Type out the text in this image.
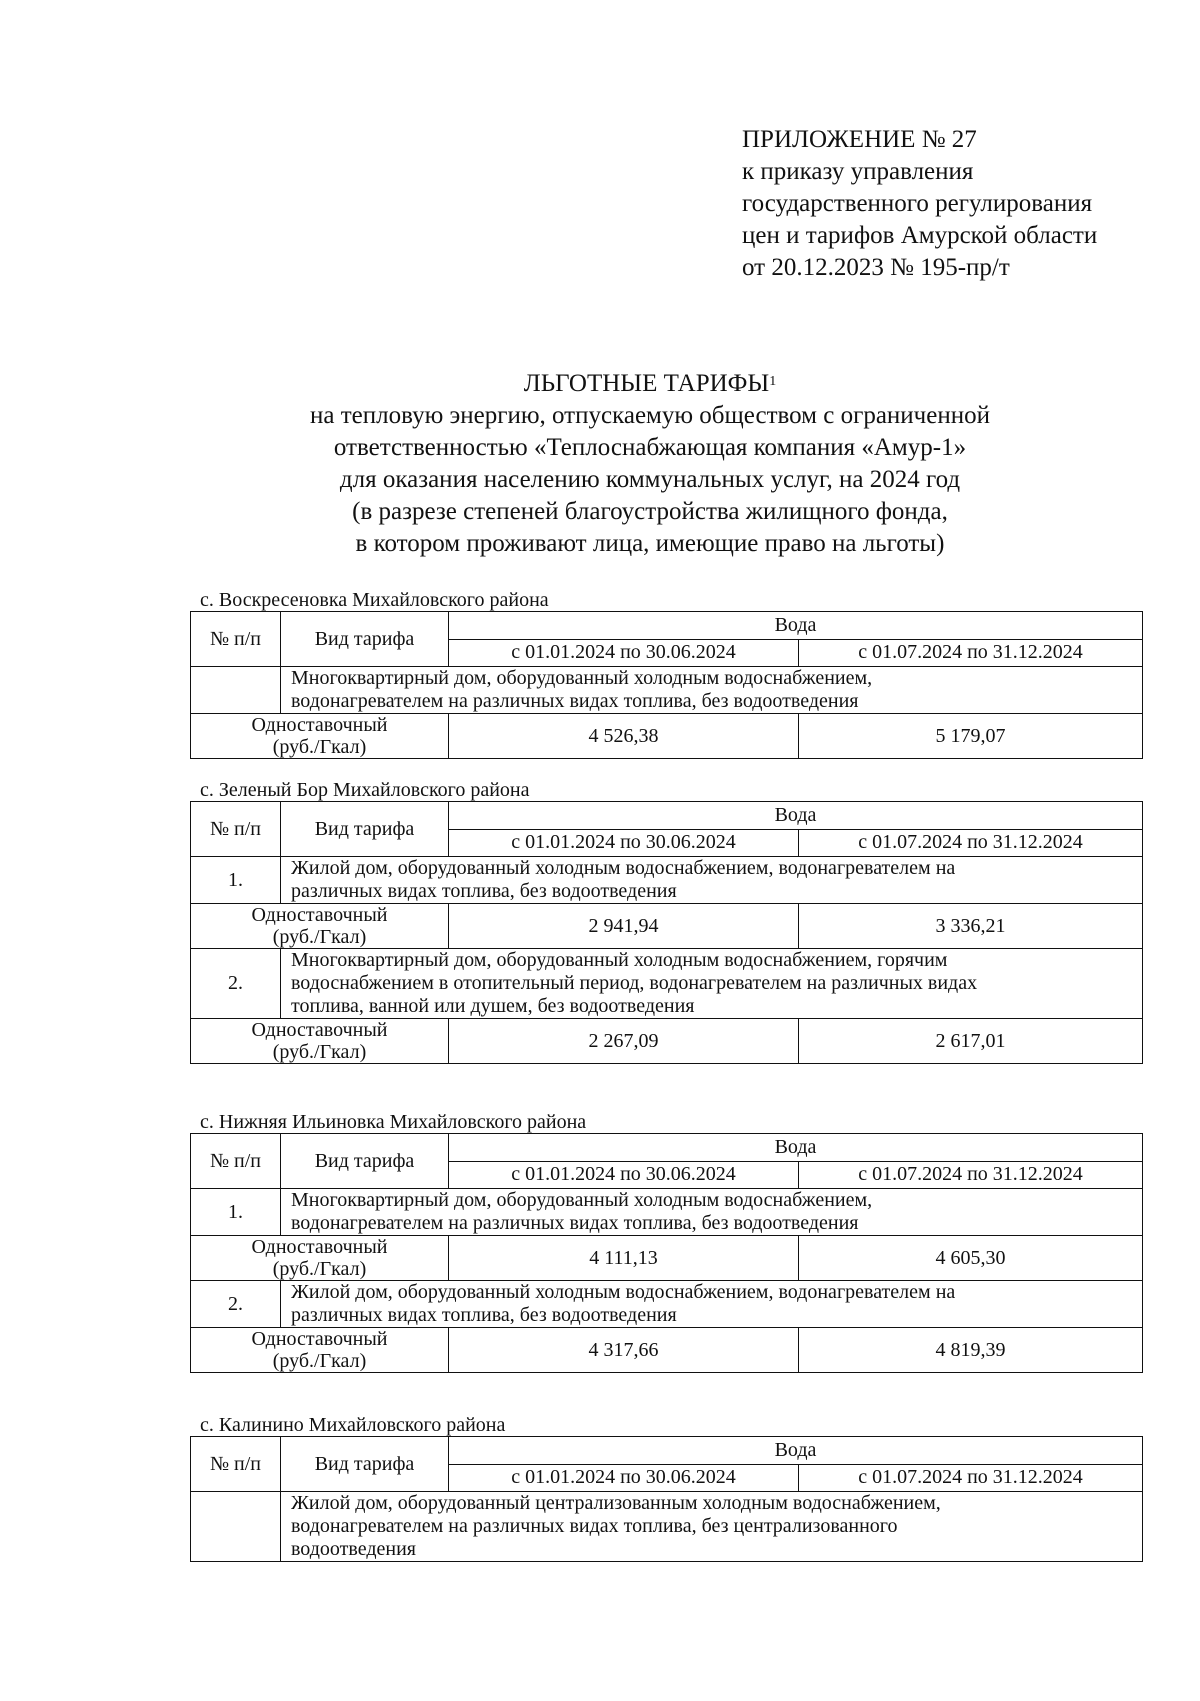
ПРИЛОЖЕНИЕ № 27
к приказу управления
государственного регулирования
цен и тарифов Амурской области
от 20.12.2023 № 195-пр/т
ЛЬГОТНЫЕ ТАРИФЫ$^1$
на тепловую энергию, отпускаемую обществом с ограниченной
ответственностью «Теплоснабжающая компания «Амур-1»
для оказания населению коммунальных услуг, на 2024 год
(в разрезе степеней благоустройства жилищного фонда,
в котором проживают лица, имеющие право на льготы)
с. Воскресеновка Михайловского района
№ п/п	Вид тарифа	Вода	
		с 01.01.2024 по 30.06.2024	с 01.07.2024 по 31.12.2024

	Многоквартирный дом, оборудованный холодным водоснабжением,
водонагревателем на различных видах топлива, без водоотведения		

Одноставочный
(руб./Гкал)		4 526,38	5 179,07
с. Зеленый Бор Михайловского района
№ п/п	Вид тарифа	Вода	
		с 01.01.2024 по 30.06.2024	с 01.07.2024 по 31.12.2024
1.	Жилой дом, оборудованный холодным водоснабжением, водонагревателем на
различных видах топлива, без водоотведения		

Одноставочный
(руб./Гкал)		2 941,94	3 336,21
2.	Многоквартирный дом, оборудованный холодным водоснабжением, горячим
водоснабжением в отопительный период, водонагревателем на различных видах
топлива, ванной или душем, без водоотведения		

Одноставочный
(руб./Гкал)		2 267,09	2 617,01
с. Нижняя Ильиновка Михайловского района
№ п/п	Вид тарифа	Вода	
		с 01.01.2024 по 30.06.2024	с 01.07.2024 по 31.12.2024
1.	Многоквартирный дом, оборудованный холодным водоснабжением,
водонагревателем на различных видах топлива, без водоотведения		

Одноставочный
(руб./Гкал)		4 111,13	4 605,30
2.	Жилой дом, оборудованный холодным водоснабжением, водонагревателем на
различных видах топлива, без водоотведения		

Одноставочный
(руб./Гкал)		4 317,66	4 819,39
с. Калинино Михайловского района
№ п/п	Вид тарифа	Вода	
		с 01.01.2024 по 30.06.2024	с 01.07.2024 по 31.12.2024

	Жилой дом, оборудованный централизованным холодным водоснабжением,
водонагревателем на различных видах топлива, без централизованного
водоотведения		
